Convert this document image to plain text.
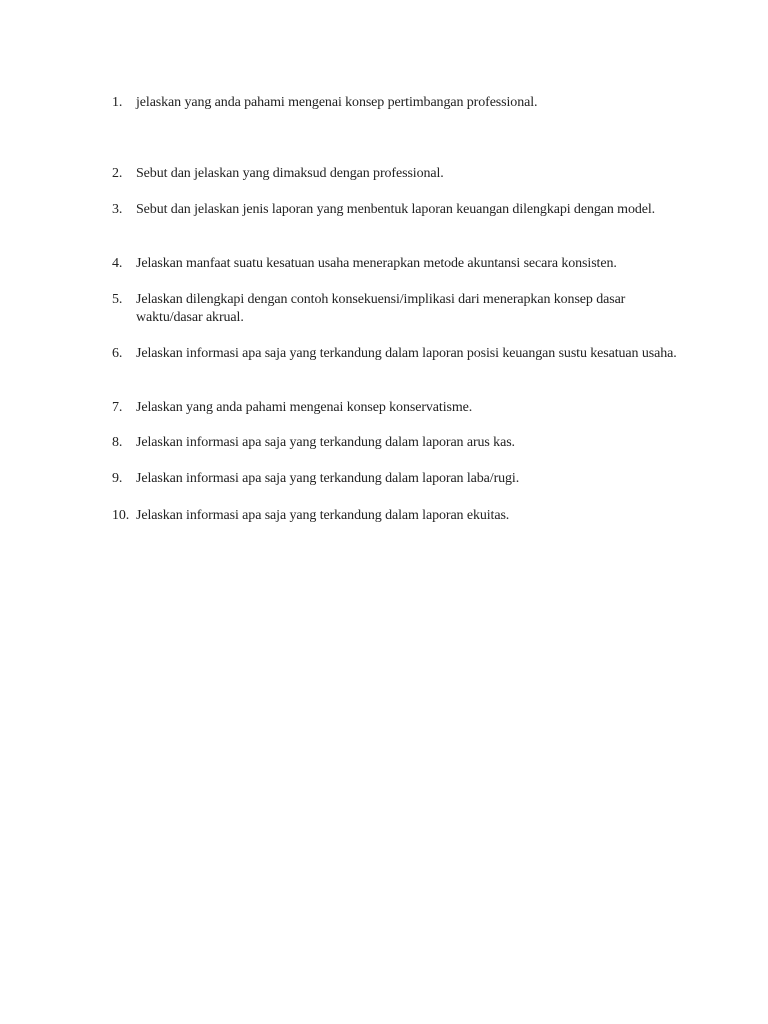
1. jelaskan yang anda pahami mengenai konsep pertimbangan professional.
2. Sebut dan jelaskan yang dimaksud dengan professional.
3. Sebut dan jelaskan jenis laporan yang menbentuk laporan keuangan dilengkapi dengan model.
4. Jelaskan manfaat suatu kesatuan usaha menerapkan metode akuntansi secara konsisten.
5. Jelaskan dilengkapi dengan contoh konsekuensi/implikasi dari menerapkan konsep dasar waktu/dasar akrual.
6. Jelaskan informasi apa saja yang terkandung dalam laporan posisi keuangan sustu kesatuan usaha.
7. Jelaskan yang anda pahami mengenai konsep konservatisme.
8. Jelaskan informasi apa saja yang terkandung dalam laporan arus kas.
9. Jelaskan informasi apa saja yang terkandung dalam laporan laba/rugi.
10. Jelaskan informasi apa saja yang terkandung dalam laporan ekuitas.
